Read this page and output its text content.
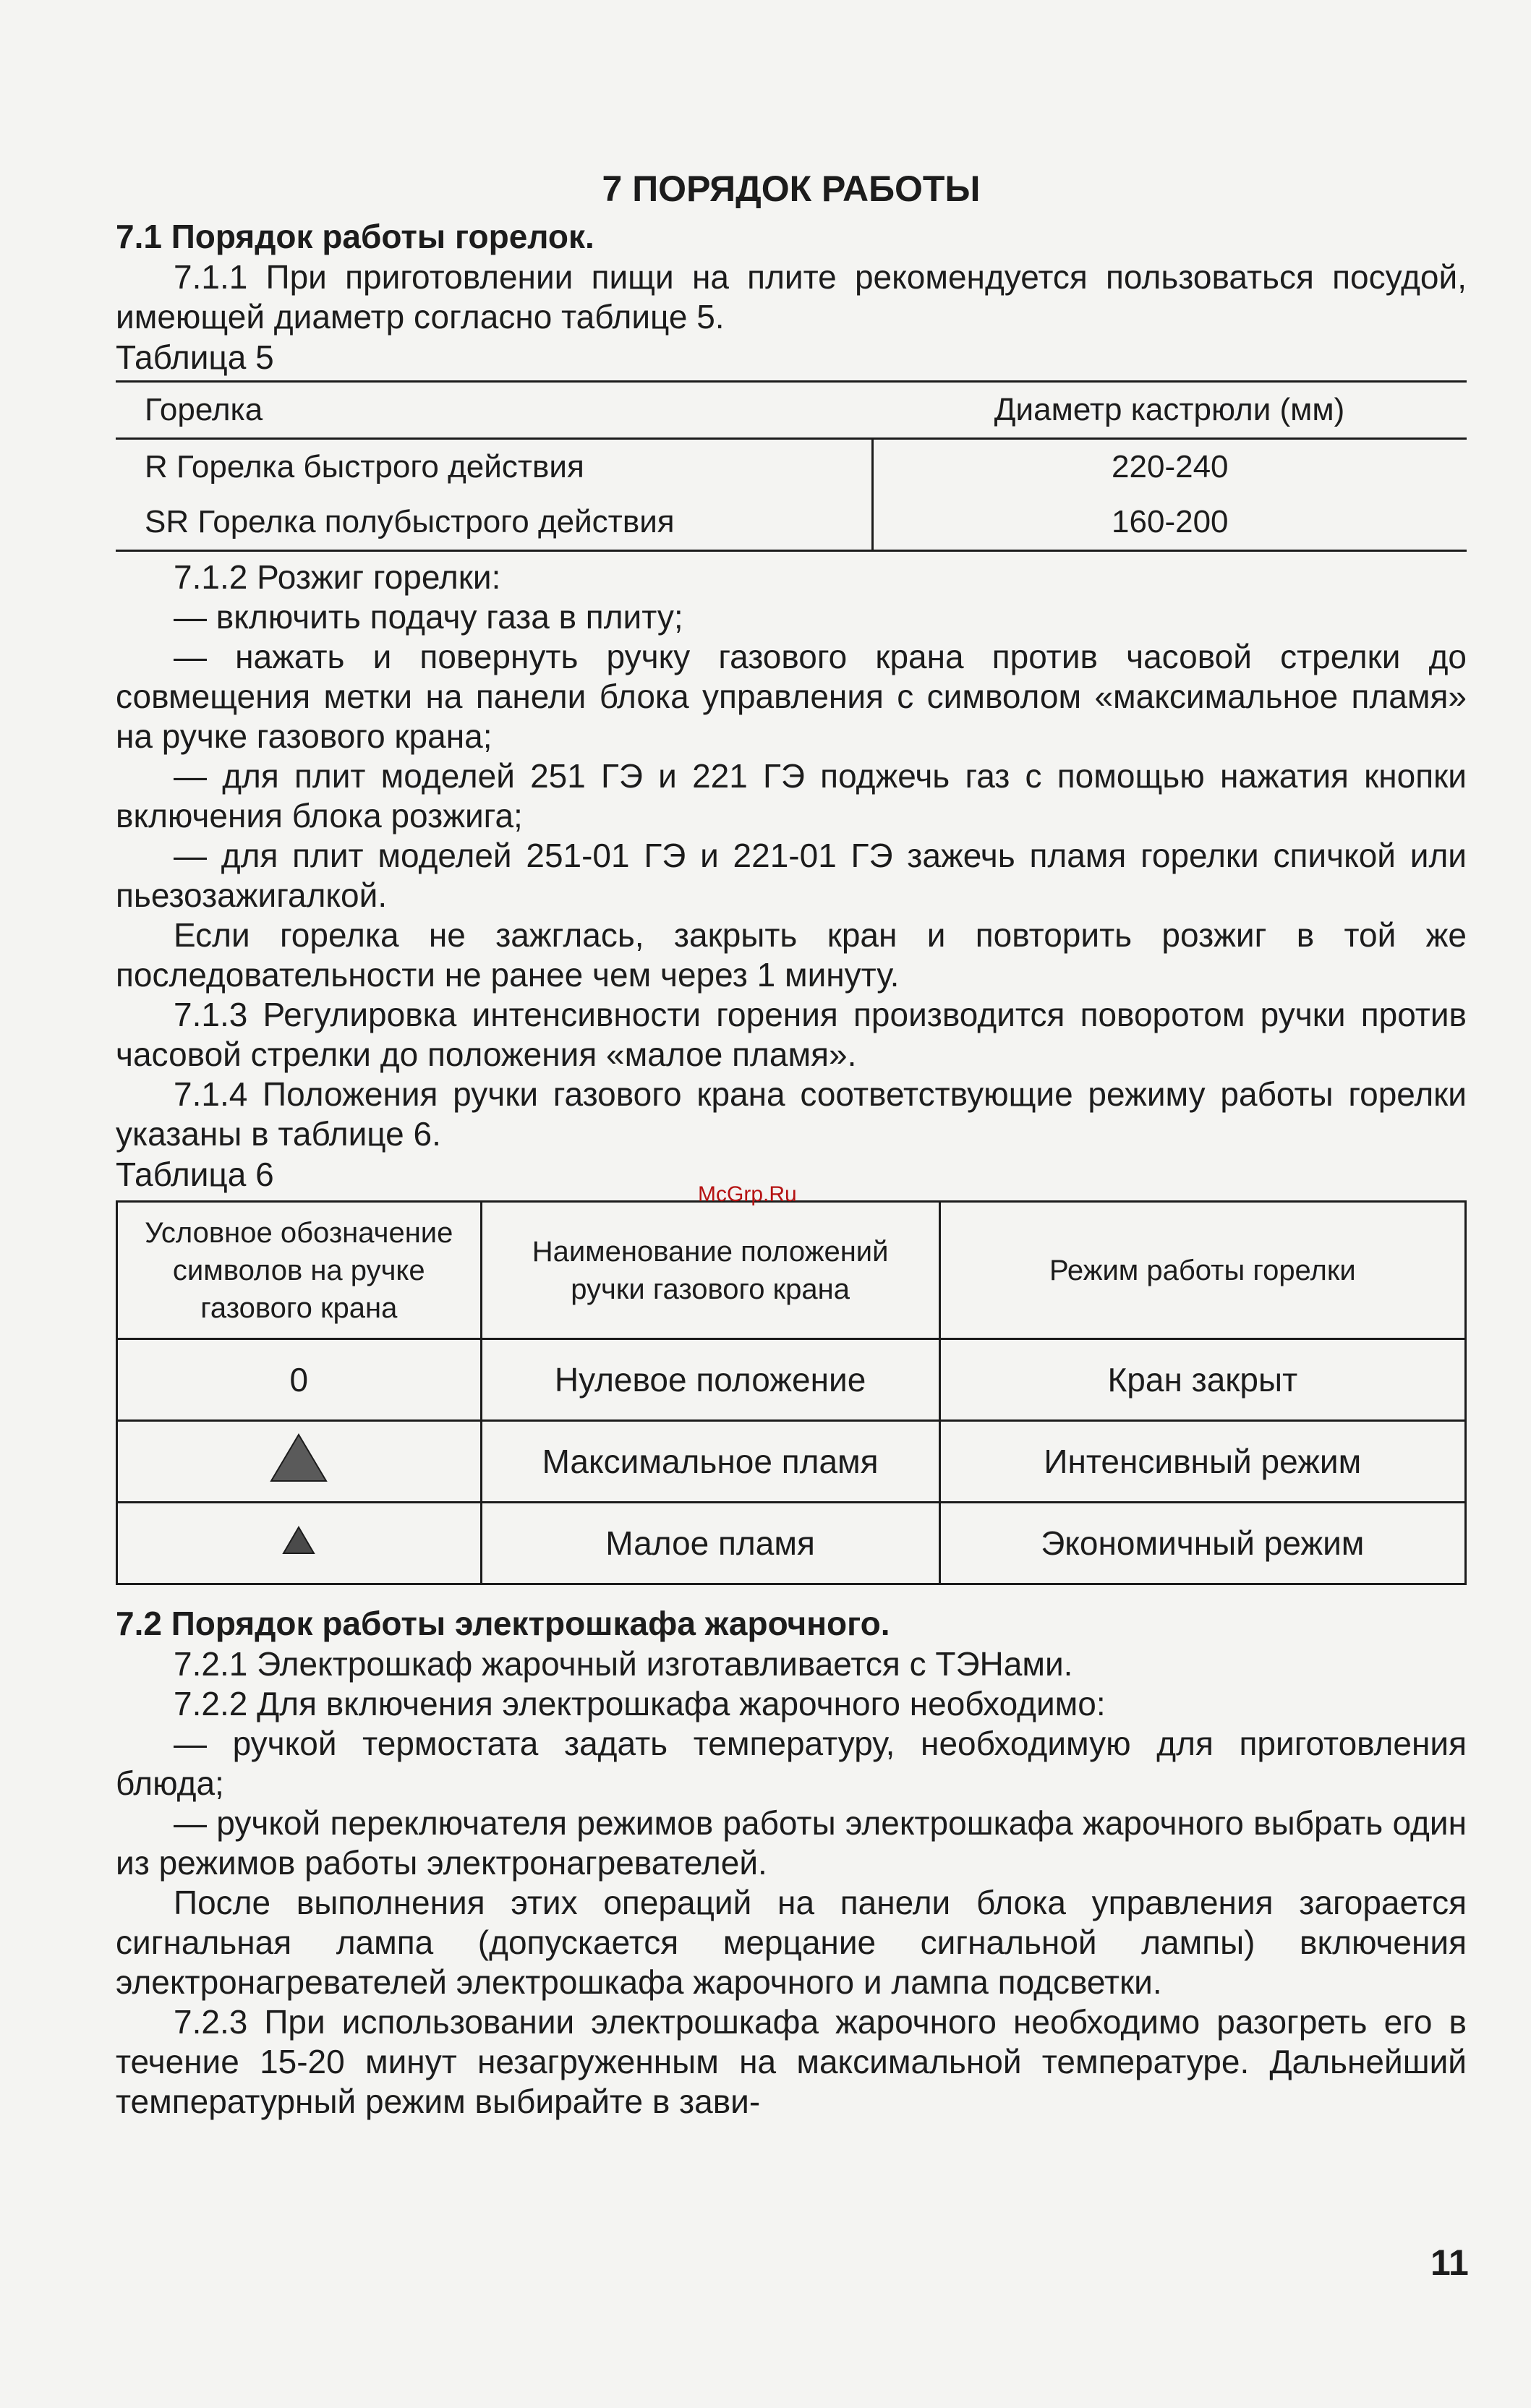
7 ПОРЯДОК РАБОТЫ
7.1 Порядок работы горелок.

7.1.1 При приготовлении пищи на плите рекомендуется пользоваться посудой, имеющей диаметр согласно таблице 5.

Таблица 5
Горелка	Диаметр кастрюли (мм)
R Горелка быстрого действия	220-240
SR Горелка полубыстрого действия	160-200

7.1.2 Розжиг горелки:

— включить подачу газа в плиту;

— нажать и повернуть ручку газового крана против часовой стрелки до совмещения метки на панели блока управления с символом «максимальное пламя» на ручке газового крана;

— для плит моделей 251 ГЭ и 221 ГЭ поджечь газ с помощью нажатия кнопки включения блока розжига;

— для плит моделей 251-01 ГЭ и 221-01 ГЭ зажечь пламя горелки спичкой или пьезозажигалкой.

Если горелка не зажглась, закрыть кран и повторить розжиг в той же последовательности не ранее чем через 1 минуту.

7.1.3 Регулировка интенсивности горения производится поворотом ручки против часовой стрелки до положения «малое пламя».

7.1.4 Положения ручки газового крана соответствующие режиму работы горелки указаны в таблице 6.

Таблица 6
Условное обозначение символов на ручке газового крана	Наименование положений ручки газового крана	Режим работы горелки
0	Нулевое положение	Кран закрыт
	Максимальное пламя	Интенсивный режим
	Малое пламя	Экономичный режим
7.2 Порядок работы электрошкафа жарочного.

7.2.1 Электрошкаф жарочный изготавливается с ТЭНами.

7.2.2 Для включения электрошкафа жарочного необходимо:

— ручкой термостата задать температуру, необходимую для приготовления блюда;

— ручкой переключателя режимов работы электрошкафа жарочного выбрать один из режимов работы электронагревателей.

После выполнения этих операций на панели блока управления загорается сигнальная лампа (допускается мерцание сигнальной лампы) включения электронагревателей электрошкафа жарочного и лампа подсветки.

7.2.3 При использовании электрошкафа жарочного необходимо разогреть его в течение 15-20 минут незагруженным на максимальной температуре. Дальнейший температурный режим выбирайте в зави-

McGrp.Ru
11
